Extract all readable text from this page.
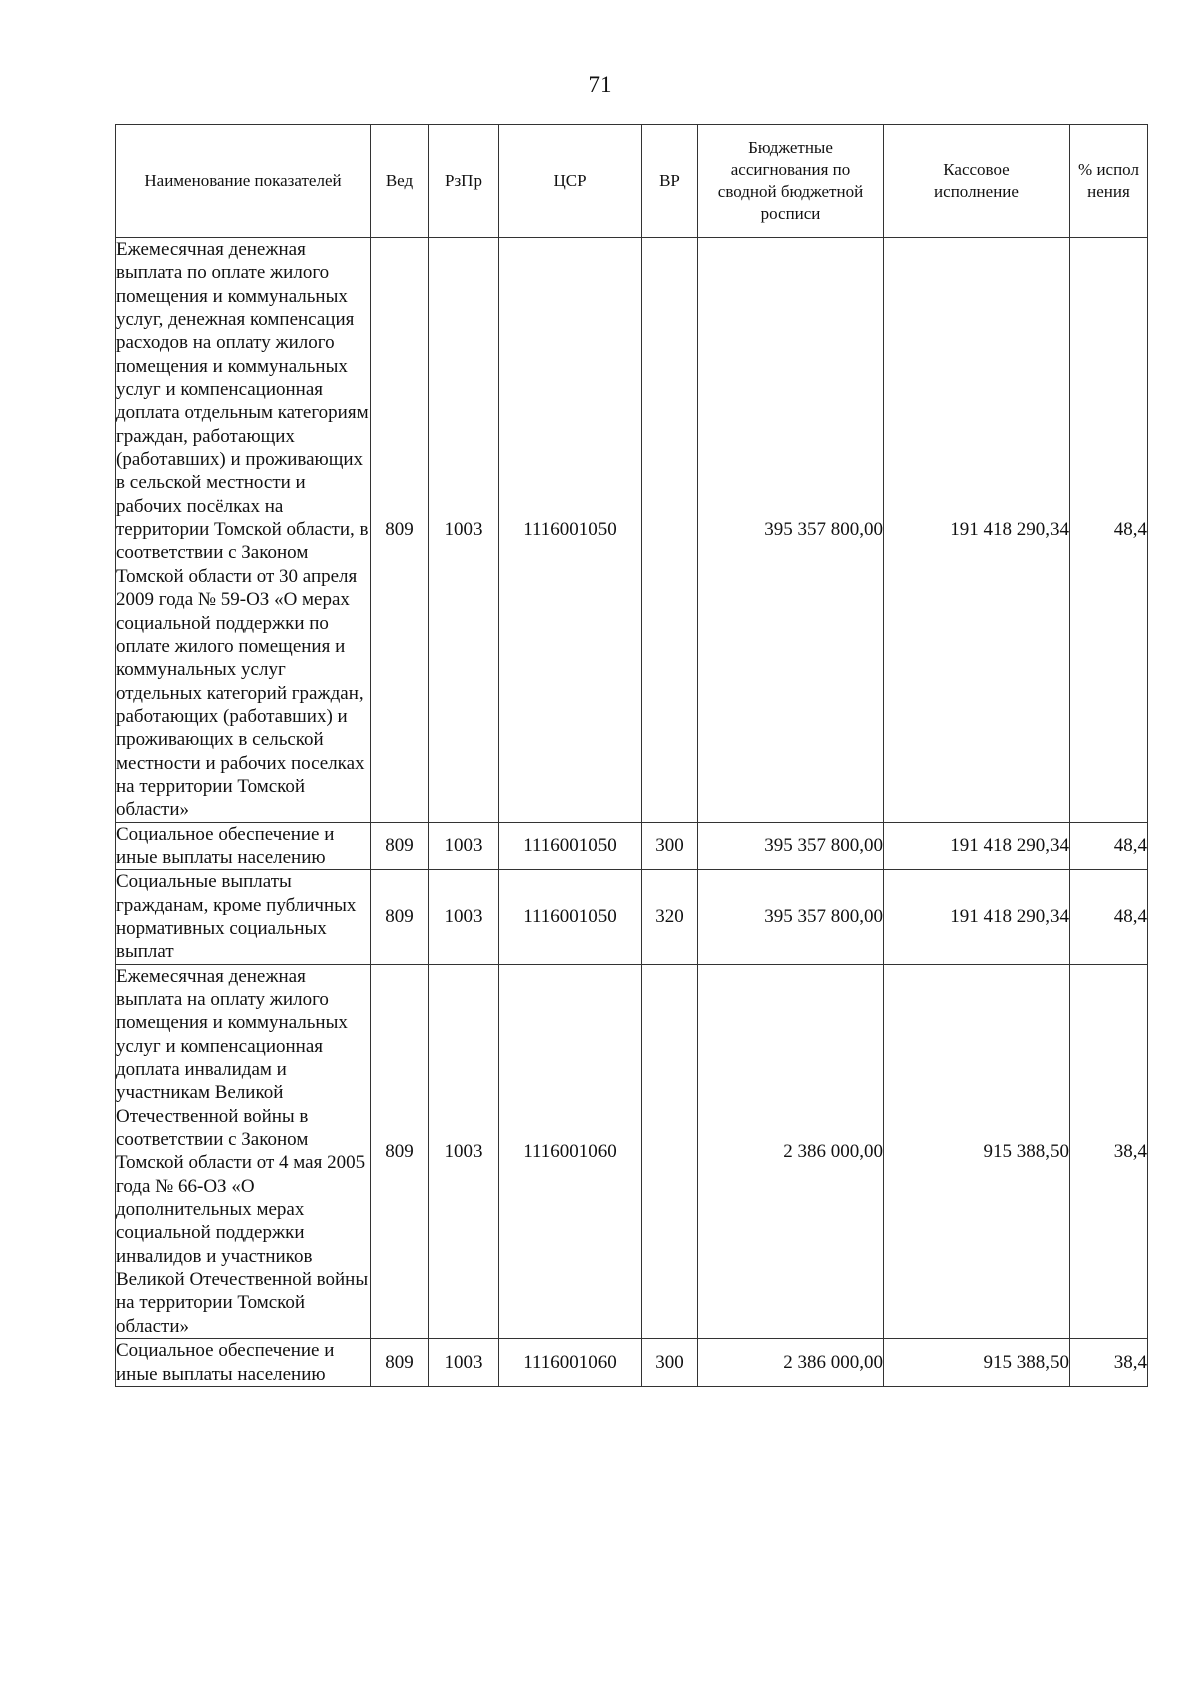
71
Наименование показателей	Вед	РзПр	ЦСР	ВР	Бюджетные ассигнования по сводной бюджетной росписи	Кассовое исполнение	% испол нения

Ежемесячная денежная выплата по оплате жилого помещения и коммунальных услуг, денежная компенсация расходов на оплату жилого помещения и коммунальных услуг и компенсационная доплата отдельным категориям граждан, работающих (работавших) и проживающих в сельской местности и рабочих посёлках на территории Томской области, в соответствии с Законом Томской области от 30 апреля 2009 года № 59-ОЗ «О мерах социальной поддержки по оплате жилого помещения и коммунальных услуг отдельных категорий граждан, работающих (работавших) и проживающих в сельской местности и рабочих поселках на территории Томской области»	809	1003	1116001050		395 357 800,00	191 418 290,34	48,4
Социальное обеспечение и иные выплаты населению	809	1003	1116001050	300	395 357 800,00	191 418 290,34	48,4
Социальные выплаты гражданам, кроме публичных нормативных социальных выплат	809	1003	1116001050	320	395 357 800,00	191 418 290,34	48,4
Ежемесячная денежная выплата на оплату жилого помещения и коммунальных услуг и компенсационная доплата инвалидам и участникам Великой Отечественной войны в соответствии с Законом Томской области от 4 мая 2005 года № 66-ОЗ «О дополнительных мерах социальной поддержки инвалидов и участников Великой Отечественной войны на территории Томской области»	809	1003	1116001060		2 386 000,00	915 388,50	38,4
Социальное обеспечение и иные выплаты населению	809	1003	1116001060	300	2 386 000,00	915 388,50	38,4
